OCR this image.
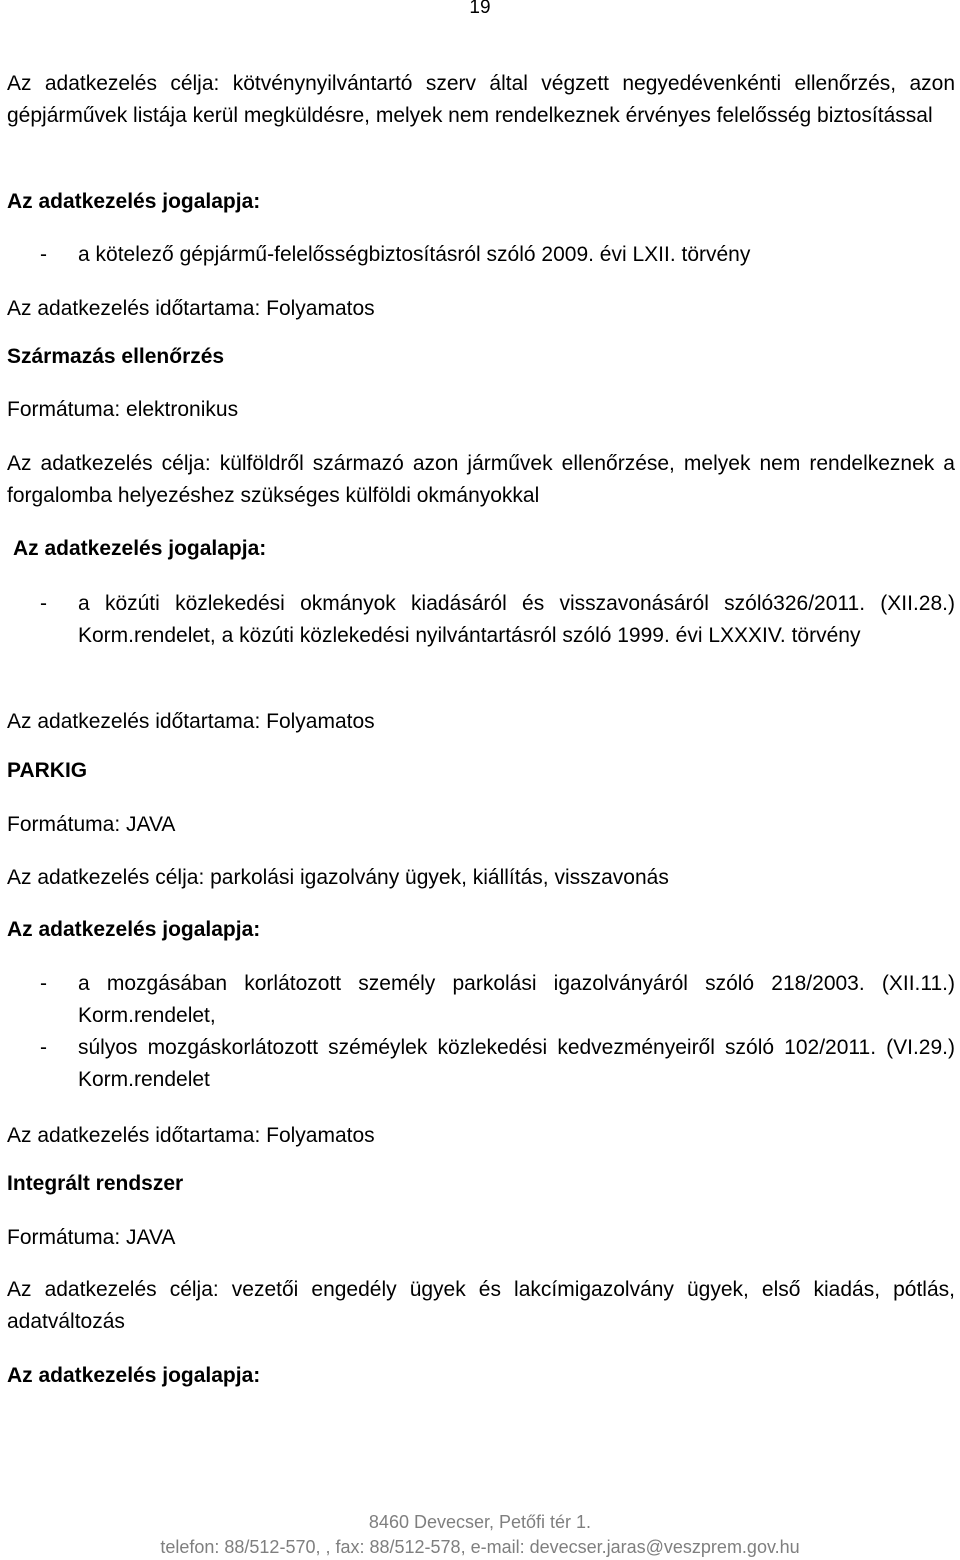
19

Az adatkezelés célja: kötvénynyilvántartó szerv által végzett negyedévenkénti ellenőrzés, azon gépjárművek listája kerül megküldésre, melyek nem rendelkeznek érvényes felelősség biztosítással

Az adatkezelés jogalapja:

- a kötelező gépjármű-felelősségbiztosításról szóló 2009. évi LXII. törvény

Az adatkezelés időtartama: Folyamatos

Származás ellenőrzés

Formátuma: elektronikus

Az adatkezelés célja: külföldről származó azon járművek ellenőrzése, melyek nem rendelkeznek a forgalomba helyezéshez szükséges külföldi okmányokkal

Az adatkezelés jogalapja:

- a közúti közlekedési okmányok kiadásáról és visszavonásáról szóló326/2011. (XII.28.) Korm.rendelet, a közúti közlekedési nyilvántartásról szóló 1999. évi LXXXIV. törvény

Az adatkezelés időtartama: Folyamatos

PARKIG

Formátuma: JAVA

Az adatkezelés célja: parkolási igazolvány ügyek, kiállítás, visszavonás

Az adatkezelés jogalapja:

- a mozgásában korlátozott személy parkolási igazolványáról szóló 218/2003. (XII.11.) Korm.rendelet,
- súlyos mozgáskorlátozott széméylek közlekedési kedvezményeiről szóló 102/2011. (VI.29.) Korm.rendelet

Az adatkezelés időtartama: Folyamatos

Integrált rendszer

Formátuma: JAVA

Az adatkezelés célja: vezetői engedély ügyek és lakcímigazolvány ügyek, első kiadás, pótlás, adatváltozás

Az adatkezelés jogalapja:

8460 Devecser, Petőfi tér 1.
telefon: 88/512-570, , fax: 88/512-578, e-mail: devecser.jaras@veszprem.gov.hu
